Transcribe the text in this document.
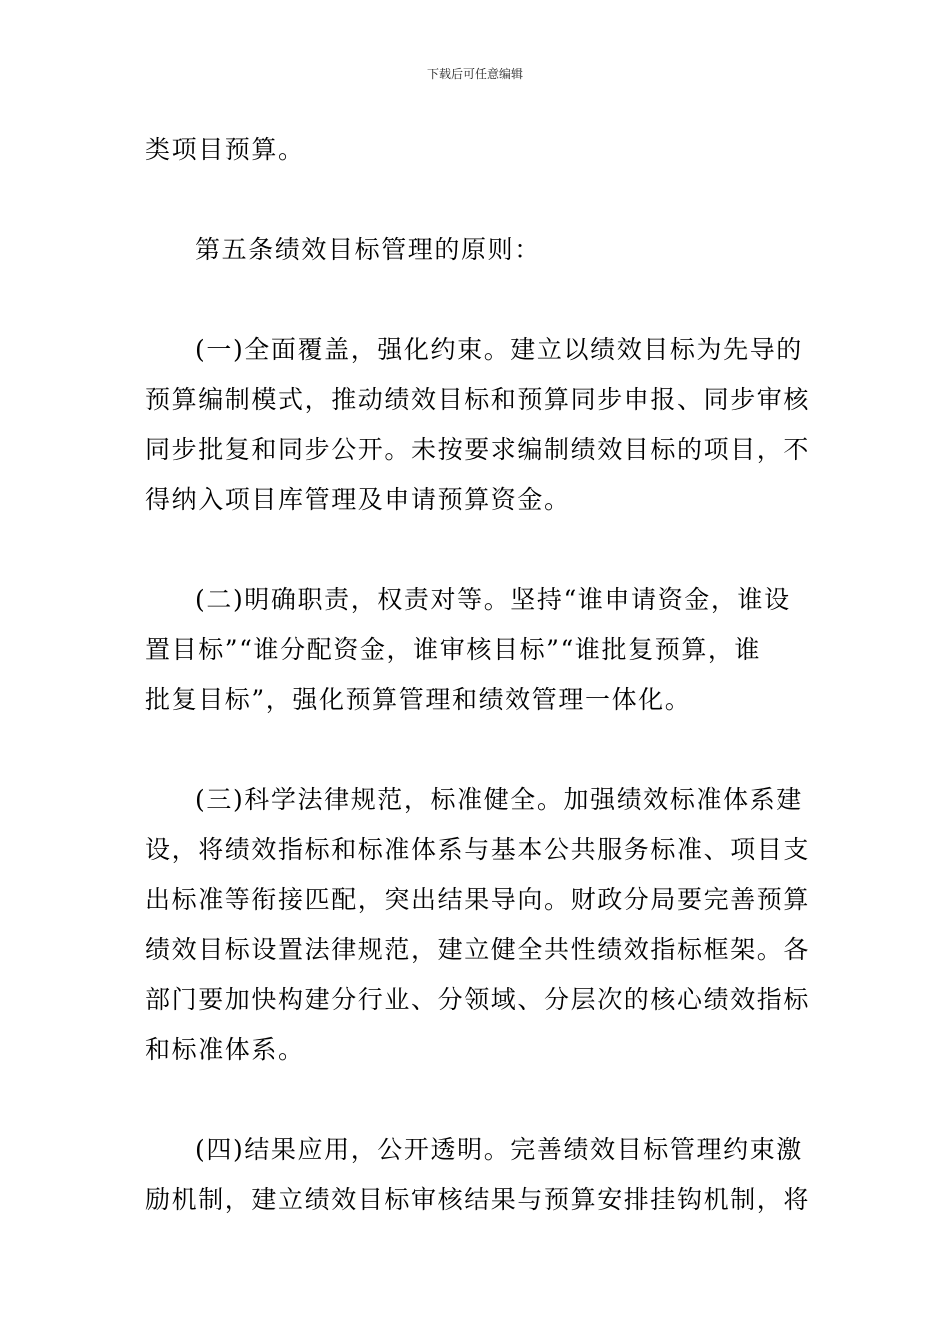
下载后可任意编辑
类项目预算。
第五条绩效目标管理的原则：
(一)全面覆盖，强化约束。建立以绩效目标为先导的
预算编制模式，推动绩效目标和预算同步申报、同步审核
同步批复和同步公开。未按要求编制绩效目标的项目，不
得纳入项目库管理及申请预算资金。
(二)明确职责，权责对等。坚持“谁申请资金，谁设
置目标”“谁分配资金，谁审核目标”“谁批复预算，谁
批复目标”，强化预算管理和绩效管理一体化。
(三)科学法律规范，标准健全。加强绩效标准体系建
设，将绩效指标和标准体系与基本公共服务标准、项目支
出标准等衔接匹配，突出结果导向。财政分局要完善预算
绩效目标设置法律规范，建立健全共性绩效指标框架。各
部门要加快构建分行业、分领域、分层次的核心绩效指标
和标准体系。
(四)结果应用，公开透明。完善绩效目标管理约束激
励机制，建立绩效目标审核结果与预算安排挂钩机制，将
